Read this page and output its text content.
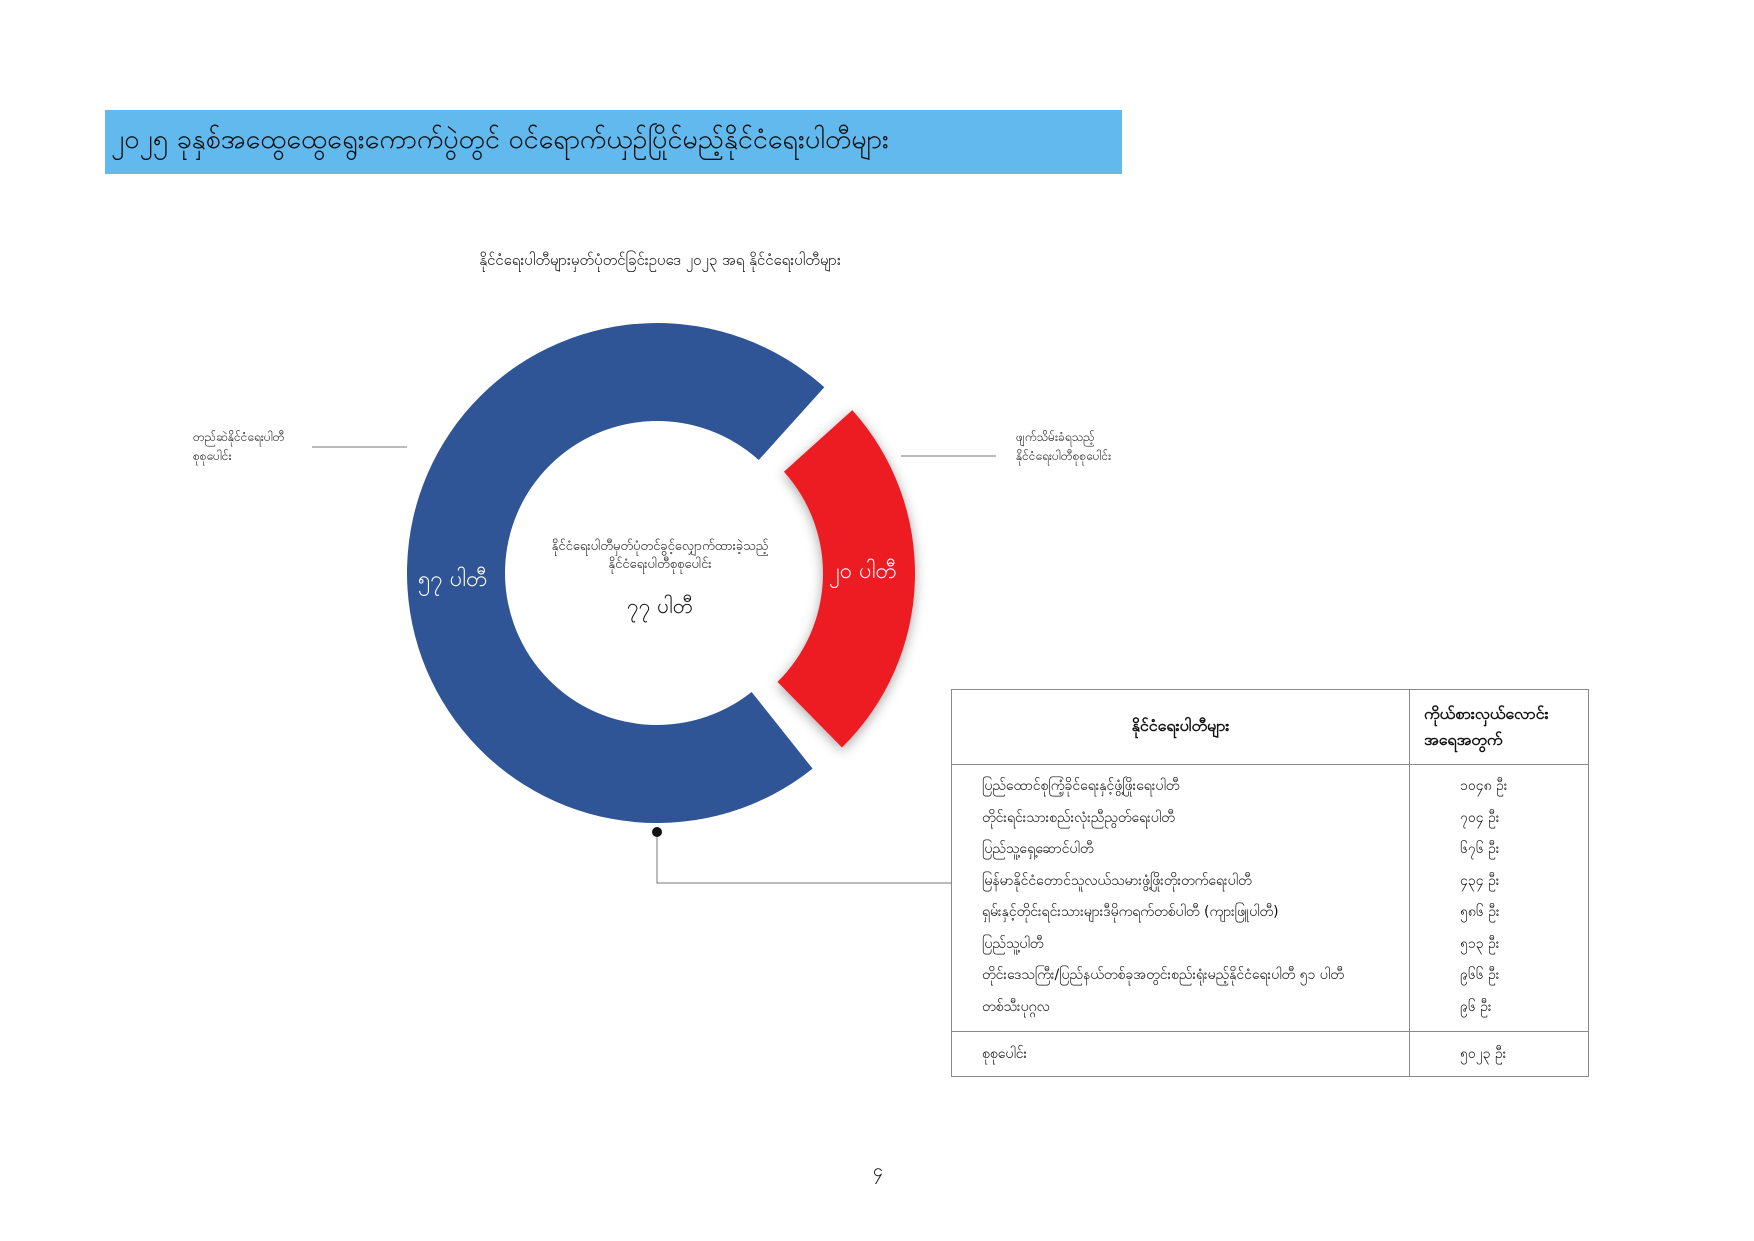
၂၀၂၅ ခုနှစ်အထွေထွေရွေးကောက်ပွဲတွင် ဝင်ရောက်ယှဉ်ပြိုင်မည့်နိုင်ငံရေးပါတီများ
နိုင်ငံရေးပါတီများမှတ်ပုံတင်ခြင်းဥပဒေ ၂၀၂၃ အရ နိုင်ငံရေးပါတီများ
တည်ဆဲနိုင်ငံရေးပါတီ
စုစုပေါင်း
ဖျက်သိမ်းခံရသည့်
နိုင်ငံရေးပါတီစုစုပေါင်း
နိုင်ငံရေးပါတီမှတ်ပုံတင်ခွင့်လျှောက်ထားခဲ့သည့်
နိုင်ငံရေးပါတီစုစုပေါင်း
၇၇ ပါတီ
၅၇ ပါတီ	၂၀ ပါတီ
နိုင်ငံရေးပါတီများ	ကိုယ်စားလှယ်လောင်း
အရေအတွက်
ပြည်ထောင်စုကြံ့ခိုင်ရေးနှင့်ဖွံ့ဖြိုးရေးပါတီ	၁၀၄၈ ဦး
တိုင်းရင်းသားစည်းလုံးညီညွတ်ရေးပါတီ	၇၀၄ ဦး
ပြည်သူ့ရှေ့ဆောင်ပါတီ	၆၇၆ ဦး
မြန်မာနိုင်ငံတောင်သူလယ်သမားဖွံ့ဖြိုးတိုးတက်ရေးပါတီ	၄၃၄ ဦး
ရှမ်းနှင့်တိုင်းရင်းသားများဒီမိုကရက်တစ်ပါတီ (ကျားဖြူပါတီ)	၅၈၆ ဦး
ပြည်သူ့ပါတီ	၅၁၃ ဦး
တိုင်းဒေသကြီး/ပြည်နယ်တစ်ခုအတွင်းစည်းရုံးမည့်နိုင်ငံရေးပါတီ ၅၁ ပါတီ	၉၆၆ ဦး
တစ်သီးပုဂ္ဂလ	၉၆ ဦး
စုစုပေါင်း	၅၀၂၃ ဦး
၄
